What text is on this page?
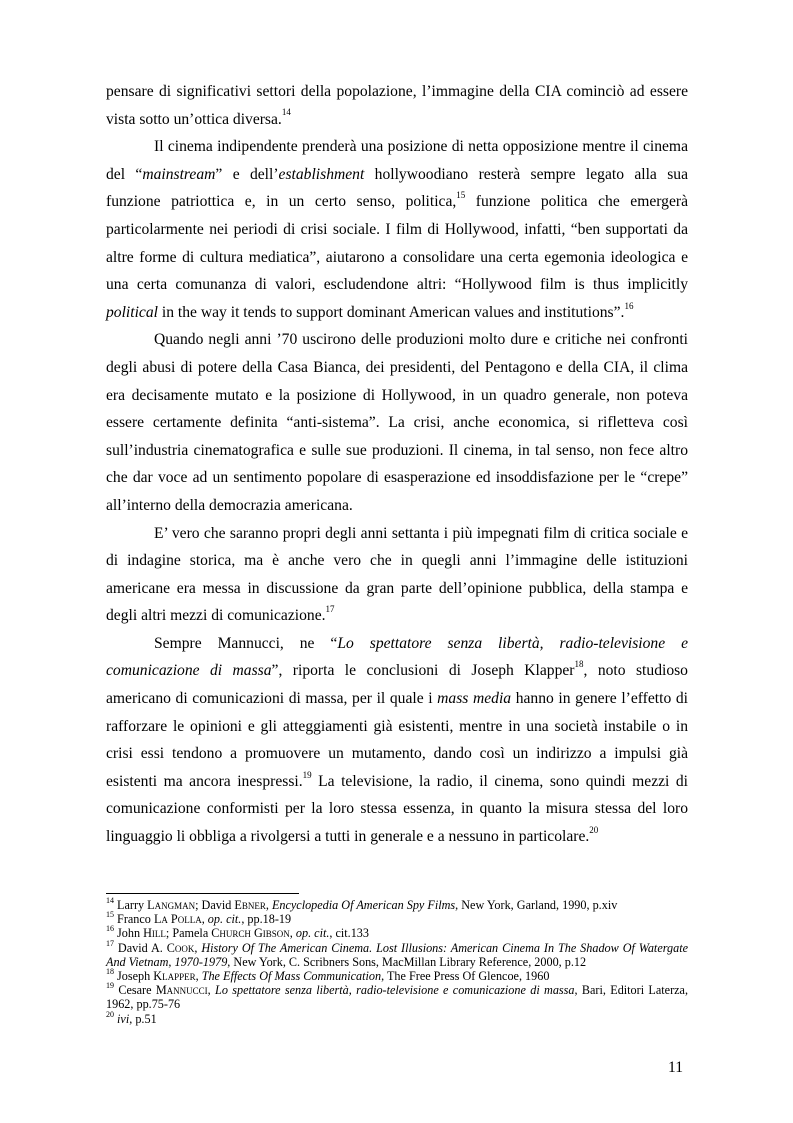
pensare di significativi settori della popolazione, l’immagine della CIA cominciò ad essere vista sotto un’ottica diversa.$^{14}$

Il cinema indipendente prenderà una posizione di netta opposizione mentre il cinema del “mainstream” e dell’establishment hollywoodiano resterà sempre legato alla sua funzione patriottica e, in un certo senso, politica,$^{15}$ funzione politica che emergerà particolarmente nei periodi di crisi sociale. I film di Hollywood, infatti, “ben supportati da altre forme di cultura mediatica”, aiutarono a consolidare una certa egemonia ideologica e una certa comunanza di valori, escludendone altri: “Hollywood film is thus implicitly political in the way it tends to support dominant American values and institutions”.$^{16}$

Quando negli anni ’70 uscirono delle produzioni molto dure e critiche nei confronti degli abusi di potere della Casa Bianca, dei presidenti, del Pentagono e della CIA, il clima era decisamente mutato e la posizione di Hollywood, in un quadro generale, non poteva essere certamente definita “anti-sistema”. La crisi, anche economica, si rifletteva così sull’industria cinematografica e sulle sue produzioni. Il cinema, in tal senso, non fece altro che dar voce ad un sentimento popolare di esasperazione ed insoddisfazione per le “crepe” all’interno della democrazia americana.

E’ vero che saranno propri degli anni settanta i più impegnati film di critica sociale e di indagine storica, ma è anche vero che in quegli anni l’immagine delle istituzioni americane era messa in discussione da gran parte dell’opinione pubblica, della stampa e degli altri mezzi di comunicazione.$^{17}$

Sempre Mannucci, ne “Lo spettatore senza libertà, radio-televisione e comunicazione di massa”, riporta le conclusioni di Joseph Klapper$^{18}$, noto studioso americano di comunicazioni di massa, per il quale i mass media hanno in genere l’effetto di rafforzare le opinioni e gli atteggiamenti già esistenti, mentre in una società instabile o in crisi essi tendono a promuovere un mutamento, dando così un indirizzo a impulsi già esistenti ma ancora inespressi.$^{19}$ La televisione, la radio, il cinema, sono quindi mezzi di comunicazione conformisti per la loro stessa essenza, in quanto la misura stessa del loro linguaggio li obbliga a rivolgersi a tutti in generale e a nessuno in particolare.$^{20}$

$^{14}$ Larry Langman; David Ebner, Encyclopedia Of American Spy Films, New York, Garland, 1990, p.xiv

$^{15}$ Franco La Polla, op. cit., pp.18-19

$^{16}$ John Hill; Pamela Church Gibson, op. cit., cit.133

$^{17}$ David A. Cook, History Of The American Cinema. Lost Illusions: American Cinema In The Shadow Of Watergate And Vietnam, 1970-1979, New York, C. Scribners Sons, MacMillan Library Reference, 2000, p.12

$^{18}$ Joseph Klapper, The Effects Of Mass Communication, The Free Press Of Glencoe, 1960

$^{19}$ Cesare Mannucci, Lo spettatore senza libertà, radio-televisione e comunicazione di massa, Bari, Editori Laterza, 1962, pp.75-76

$^{20}$ ivi, p.51

11
